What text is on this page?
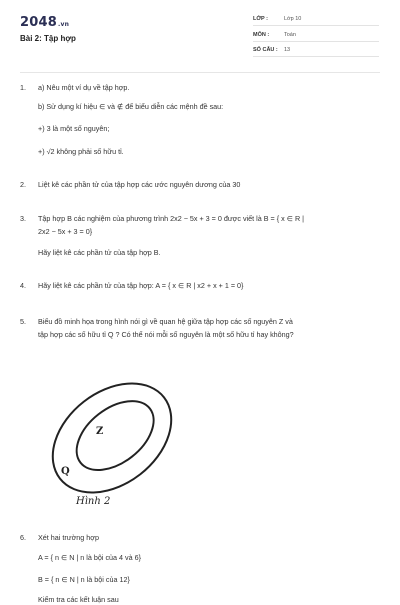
2048.vn
Bài 2: Tập hợp
LỚP :	Lớp 10
MÔN :	Toán
SỐ CÂU : 13
1. a) Nêu một ví dụ về tập hợp.
b) Sử dụng kí hiệu ∈ và ∉ để biểu diễn các mệnh đề sau:
+) 3 là một số nguyên;
+) √2 không phải số hữu tỉ.
2. Liệt kê các phần tử của tập hợp các ước nguyên dương của 30
3. Tập hợp B các nghiệm của phương trình 2x2 − 5x + 3 = 0 được viết là B = { x ∈ R |
2x2 − 5x + 3 = 0}
Hãy liệt kê các phần tử của tập hợp B.
4. Hãy liệt kê các phần tử của tập hợp: A = { x ∈ R | x2 + x + 1 = 0}
5. Biểu đồ minh họa trong hình nói gì về quan hệ giữa tập hợp các số nguyên Z và
tập hợp các số hữu tỉ Q ? Có thể nói mỗi số nguyên là một số hữu tỉ hay không?
Z
Q
Hình 2
6. Xét hai trường hợp
A = { n ∈ N | n là bội của 4 và 6}
B = { n ∈ N | n là bội của 12}
Kiểm tra các kết luận sau
